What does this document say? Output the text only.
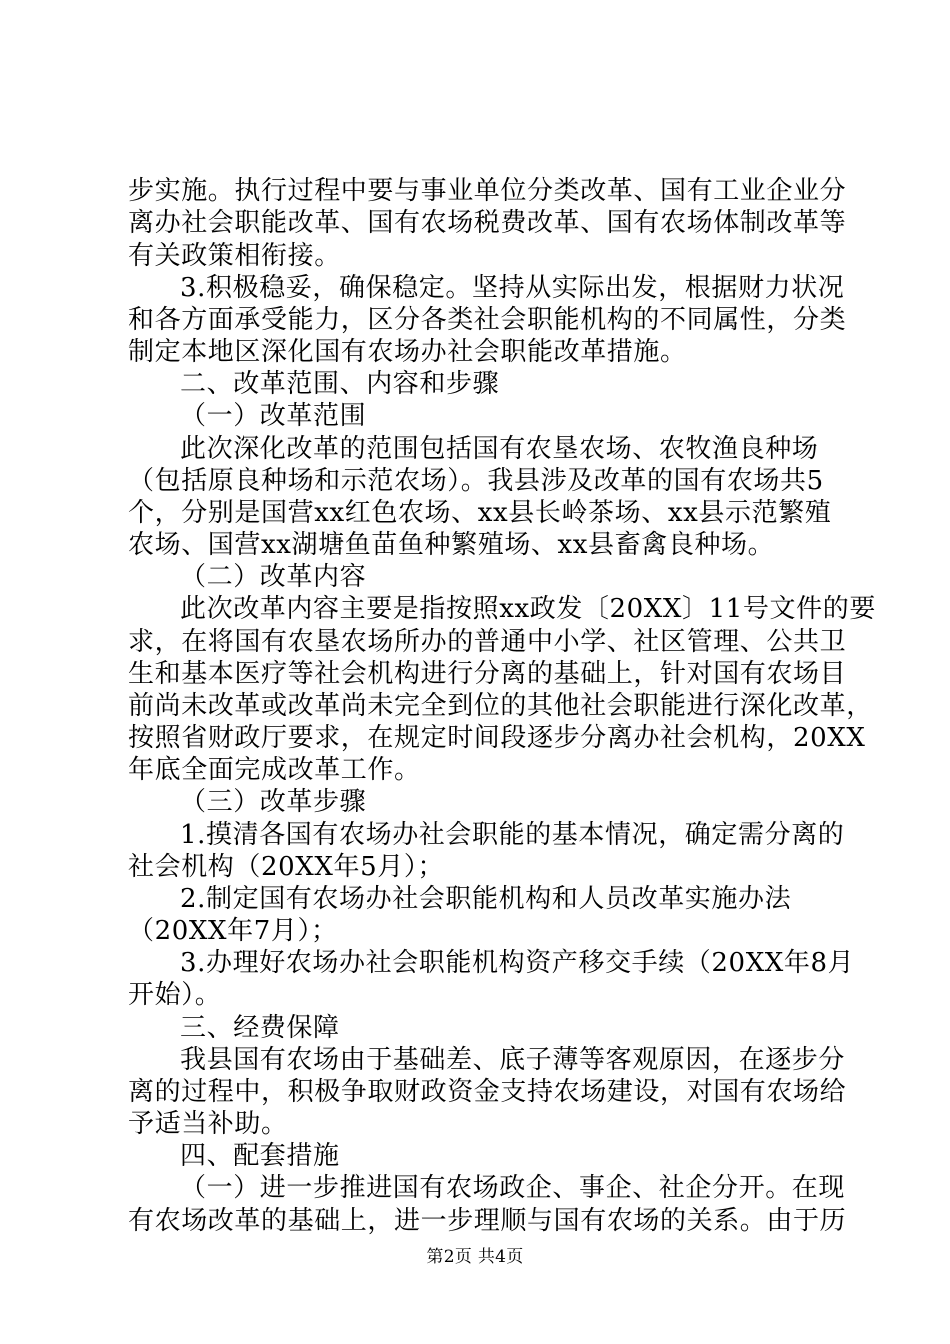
步实施。执行过程中要与事业单位分类改革、国有工业企业分
离办社会职能改革、国有农场税费改革、国有农场体制改革等
有关政策相衔接。
3.积极稳妥，确保稳定。坚持从实际出发，根据财力状况
和各方面承受能力，区分各类社会职能机构的不同属性，分类
制定本地区深化国有农场办社会职能改革措施。
二、改革范围、内容和步骤
（一）改革范围
此次深化改革的范围包括国有农垦农场、农牧渔良种场
（包括原良种场和示范农场）。我县涉及改革的国有农场共5
个，分别是国营xx红色农场、xx县长岭茶场、xx县示范繁殖
农场、国营xx湖塘鱼苗鱼种繁殖场、xx县畜禽良种场。
（二）改革内容
此次改革内容主要是指按照xx政发〔20XX〕11号文件的要
求，在将国有农垦农场所办的普通中小学、社区管理、公共卫
生和基本医疗等社会机构进行分离的基础上，针对国有农场目
前尚未改革或改革尚未完全到位的其他社会职能进行深化改革，
按照省财政厅要求，在规定时间段逐步分离办社会机构，20XX
年底全面完成改革工作。
（三）改革步骤
1.摸清各国有农场办社会职能的基本情况，确定需分离的
社会机构（20XX年5月）；
2.制定国有农场办社会职能机构和人员改革实施办法
（20XX年7月）；
3.办理好农场办社会职能机构资产移交手续（20XX年8月
开始）。
三、经费保障
我县国有农场由于基础差、底子薄等客观原因，在逐步分
离的过程中，积极争取财政资金支持农场建设，对国有农场给
予适当补助。
四、配套措施
（一）进一步推进国有农场政企、事企、社企分开。在现
有农场改革的基础上，进一步理顺与国有农场的关系。由于历
第2页 共4页
